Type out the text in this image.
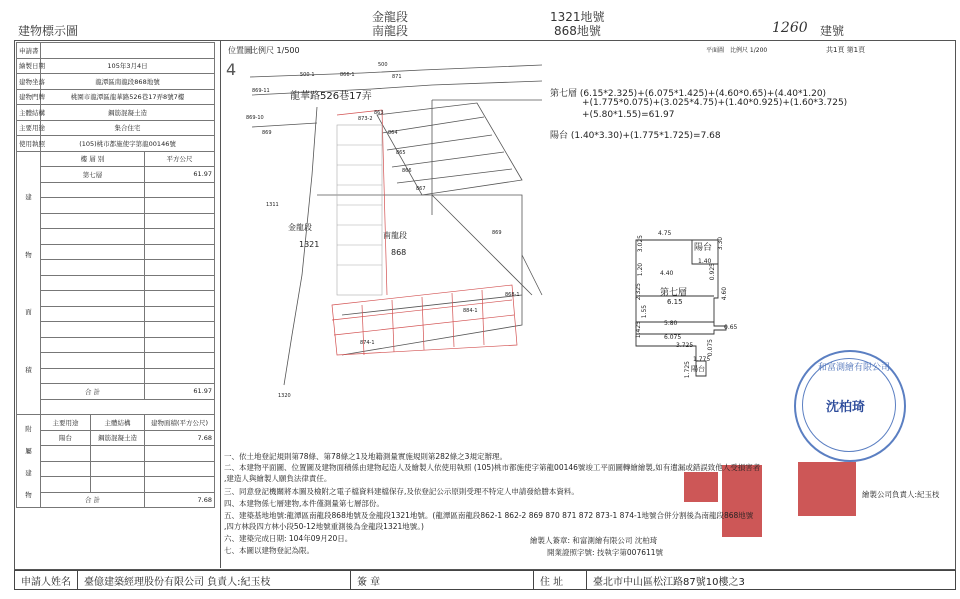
建物標示圖
金龍段
南龍段
1321地號
868地號	1260 建號
申請書			
繪製日期	105年3月4日		
建物坐落	龍潭區南龍段868地號		
建物門牌	桃園市龍潭區龍華路526巷17弄8號7樓		
主體結構	鋼筋混凝土造		
主要用途	集合住宅		
使用執照	(105)桃市都施使字第龍00146號		

建
物
面
積	樓 層 別		平方公尺
	第七層		61.97

	合 計		61.97

附
屬
建
物	主要用途	主體結構	建物面積(平方公尺)
	陽台	鋼筋混凝土造	7.68

	合 計		7.68
位置圖
比例尺 1/500
4
龍華路526巷17弄
金龍段
1321
南龍段
868
500-1	866-1
500
871
869-11
873-2
869-10
863
864
865
866
867
869
1311
869
868-1
884-1
874-1
1320
平面圖 比例尺 1/200	共1頁 第1頁
第七層 (6.15*2.325)+(6.075*1.425)+(4.60*0.65)+(4.40*1.20)
+(1.775*0.075)+(3.025*4.75)+(1.40*0.925)+(1.60*3.725)
+(5.80*1.55)=61.97
陽台 (1.40*3.30)+(1.775*1.725)=7.68
第七層
6.15
陽台
陽台
4.75
3.025
1.20
2.325
1.425
1.55
1.40
0.925
3.30
4.40
4.60
5.80
0.65
6.075
3.725 0.075
1.775
1.725	和富測繪有限公司
沈柏琦
一、依土地登記規則第78條、第78條之1及地籍測量實施規則第282條之3規定辦理。
二、本建物平面圖、位置圖及建物面積係由建物起造人及繪製人依使用執照 (105)桃市都施使字第龍00146號竣工平面圖轉繪繪製,如有遺漏或錯誤致他人受損害者
,建造人與繪製人願負法律責任。
三、同意登記機關將本圖及檢附之電子檔資料建檔保存,及依登記公示原則受理不特定人申請發給謄本資料。
四、本建物係七層建物,本件僅測量第七層部份。
五、建築基地地號:龍潭區南龍段868地號及金龍段1321地號。(龍潭區南龍段862-1 862-2 869 870 871 872 873-1 874-1地號合併分割後為南龍段868地號
,四方林段四方林小段50-12地號重測後為金龍段1321地號。)
六、建築完成日期: 104年09月20日。
七、本圖以建物登記為限。
繪製公司負責人:紀玉枝
繪製人簽章: 和富測繪有限公司 沈柏琦
開業證照字號: 技執字第007611號
申請人姓名	臺億建築經理股份有限公司 負責人:紀玉枝	簽 章	住 址	臺北市中山區松江路87號10樓之3
